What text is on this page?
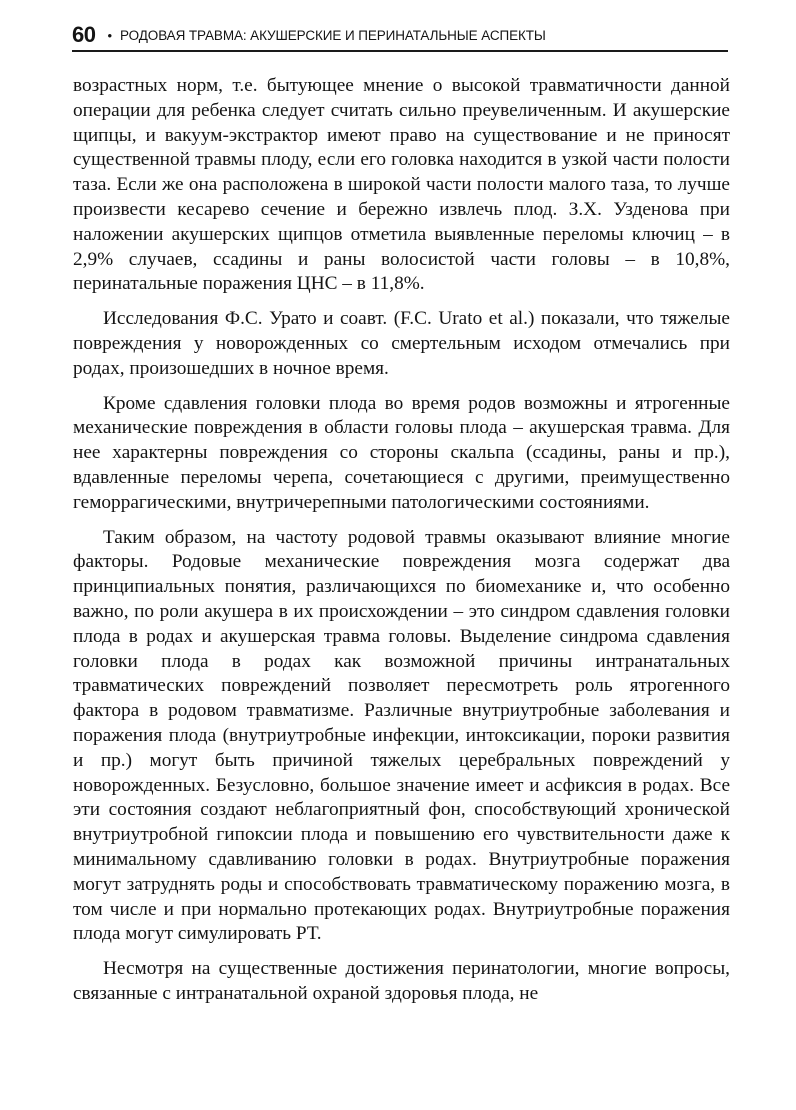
60 • РОДОВАЯ ТРАВМА: АКУШЕРСКИЕ И ПЕРИНАТАЛЬНЫЕ АСПЕКТЫ

возрастных норм, т.е. бытующее мнение о высокой травматичности данной операции для ребенка следует считать сильно преувеличенным. И акушерские щипцы, и вакуум-экстрактор имеют право на существование и не приносят существенной травмы плоду, если его головка находится в узкой части полости таза. Если же она расположена в широкой части полости малого таза, то лучше произвести кесарево сечение и бережно извлечь плод. З.Х. Узденова при наложении акушерских щипцов отметила выявленные переломы ключиц – в 2,9% случаев, ссадины и раны волосистой части головы – в 10,8%, перинатальные поражения ЦНС – в 11,8%.

Исследования Ф.С. Урато и соавт. (F.C. Urato et al.) показали, что тяжелые повреждения у новорожденных со смертельным исходом отмечались при родах, произошедших в ночное время.

Кроме сдавления головки плода во время родов возможны и ятрогенные механические повреждения в области головы плода – акушерская травма. Для нее характерны повреждения со стороны скальпа (ссадины, раны и пр.), вдавленные переломы черепа, сочетающиеся с другими, преимущественно геморрагическими, внутричерепными патологическими состояниями.

Таким образом, на частоту родовой травмы оказывают влияние многие факторы. Родовые механические повреждения мозга содержат два принципиальных понятия, различающихся по биомеханике и, что особенно важно, по роли акушера в их происхождении – это синдром сдавления головки плода в родах и акушерская травма головы. Выделение синдрома сдавления головки плода в родах как возможной причины интранатальных травматических повреждений позволяет пересмотреть роль ятрогенного фактора в родовом травматизме. Различные внутриутробные заболевания и поражения плода (внутриутробные инфекции, интоксикации, пороки развития и пр.) могут быть причиной тяжелых церебральных повреждений у новорожденных. Безусловно, большое значение имеет и асфиксия в родах. Все эти состояния создают неблагоприятный фон, способствующий хронической внутриутробной гипоксии плода и повышению его чувствительности даже к минимальному сдавливанию головки в родах. Внутриутробные поражения могут затруднять роды и способствовать травматическому поражению мозга, в том числе и при нормально протекающих родах. Внутриутробные поражения плода могут симулировать РТ.

Несмотря на существенные достижения перинатологии, многие вопросы, связанные с интранатальной охраной здоровья плода, не
